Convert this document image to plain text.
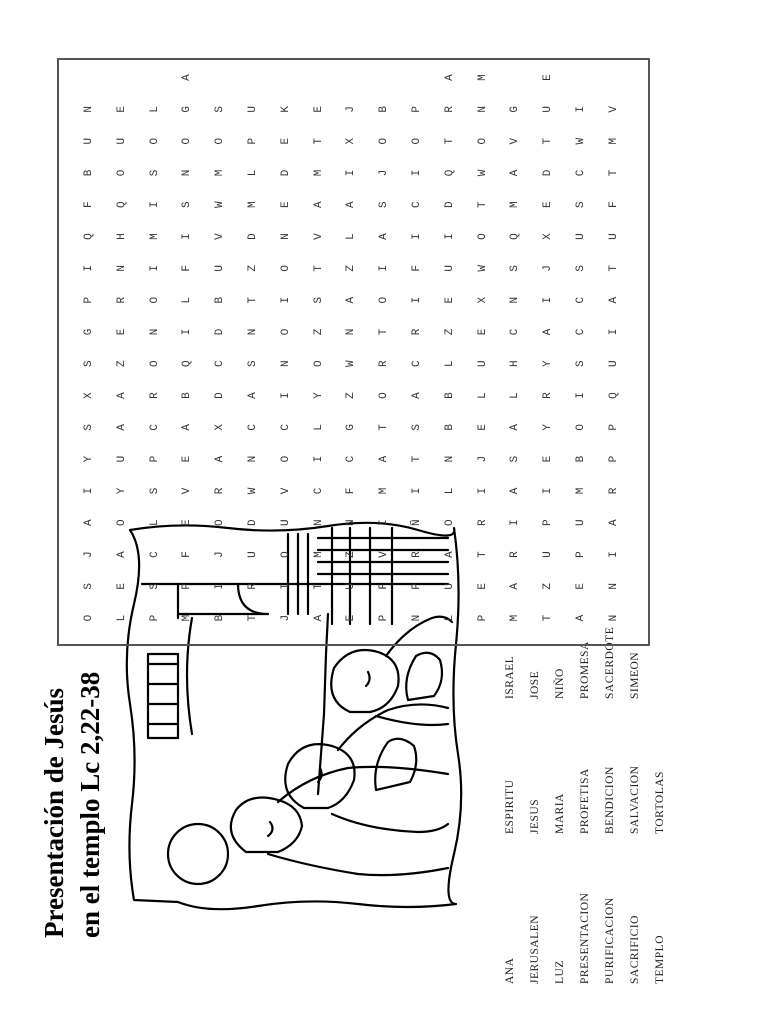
Presentación de Jesús en el templo Lc 2,22-38
ANA
ESPIRITU
ISRAEL
JERUSALEN
JESUS
JOSE
LUZ
MARIA
NIÑO
PRESENTACION
PROFETISA
PROMESA
PURIFICACION
BENDICION
SACERDOTE
SACRIFICIO
SALVACION
SIMEON
TEMPLO
TORTOLAS
O
S
J
A
I
Y
S
X
S
G
P
I
Q
F
B
U
N
L
E
A
O
Y
U
A
A
Z
E
R
N
H
Q
O
U
E
P
S
C
L
S
P
C
R
O
N
O
I
M
I
S
O
L
M
P
F
E
V
E
A
B
Q
I
L
F
I
S
N
O
G
A
B
I
J
O
R
A
X
D
C
D
B
U
V
W
M
O
S
T
R
U
D
W
N
C
A
S
N
T
Z
D
M
L
P
U
J
I
O
U
V
O
C
I
N
O
I
O
N
E
D
E
K
A
T
M
N
C
I
L
Y
O
Z
S
T
V
A
M
T
E
E
U
Z
N
F
C
G
Z
W
N
A
Z
L
A
I
X
J
P
F
V
I
M
A
T
O
R
T
O
I
A
S
J
O
B
N
P
R
Ñ
I
T
S
A
C
R
I
F
I
C
I
O
P
L
U
A
O
L
N
B
B
L
Z
E
U
I
D
Q
T
R
A
P
E
T
R
I
J
E
L
U
E
X
W
O
T
W
O
N
M
M
A
R
I
A
S
A
L
H
C
N
S
Q
M
A
V
G
T
Z
U
P
I
E
Y
R
Y
A
I
J
X
E
D
T
U
E
A
E
P
U
M
B
O
I
S
C
C
S
U
S
C
W
I
N
N
I
A
R
P
P
Q
U
I
A
T
U
F
T
M
V
